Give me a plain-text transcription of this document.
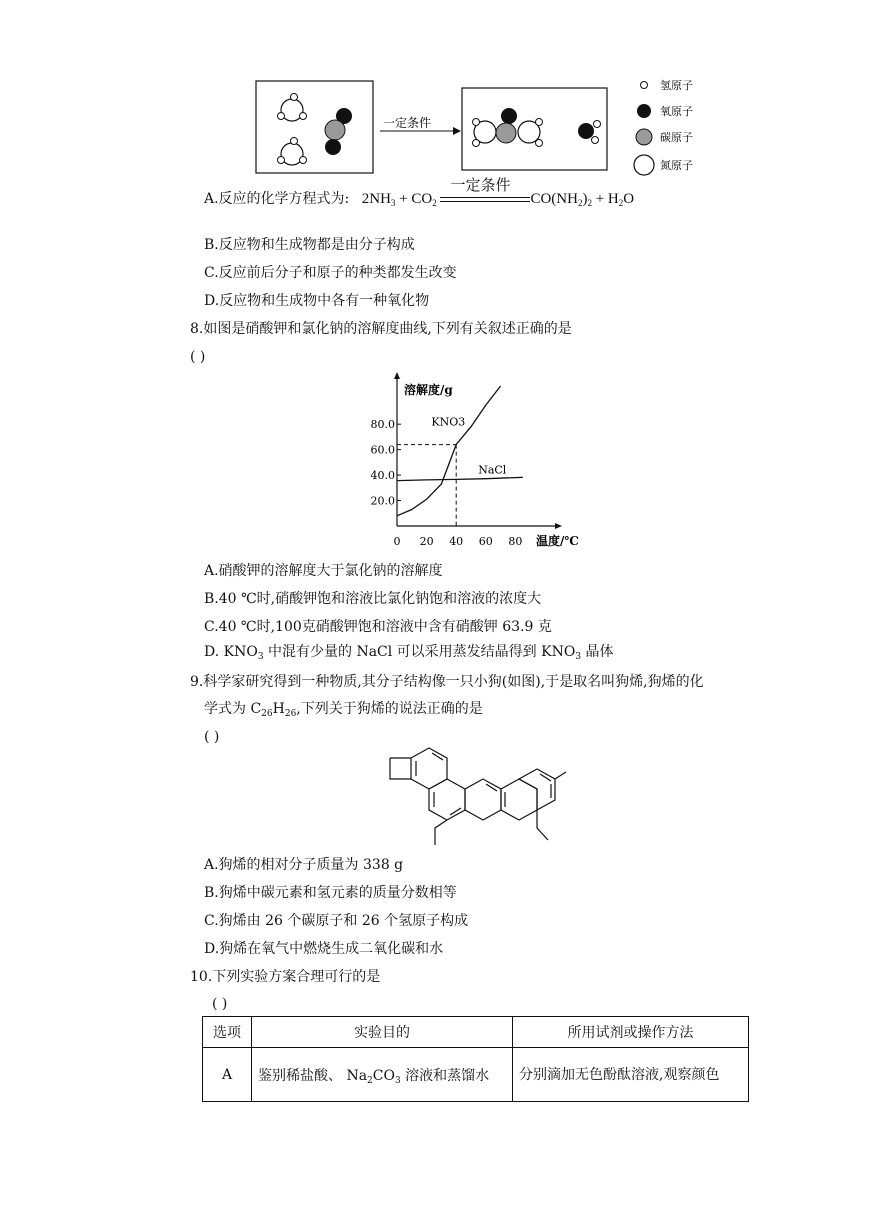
一定条件
氢原子
氧原子
碳原子
氮原子
A.反应的化学方程式为: $2NH_3 + CO_2$
一定条件
$CO(NH_2)_2 + H_2O$
B.反应物和生成物都是由分子构成
C.反应前后分子和原子的种类都发生改变
D.反应物和生成物中各有一种氧化物
8.如图是硝酸钾和氯化钠的溶解度曲线,下列有关叙述正确的是
( )
0 20 40 60 80
20.0
40.0
60.0
80.0	KNO3
NaCl
溶解度/g
温度/℃
A.硝酸钾的溶解度大于氯化钠的溶解度
B.40 ℃时,硝酸钾饱和溶液比氯化钠饱和溶液的浓度大
C.40 ℃时,100克硝酸钾饱和溶液中含有硝酸钾 63.9 克
D. $KNO_3$ 中混有少量的 NaCl 可以采用蒸发结晶得到 $KNO_3$ 晶体
9.科学家研究得到一种物质,其分子结构像一只小狗(如图),于是取名叫狗烯,狗烯的化
学式为 $C_{26}H_{26}$,下列关于狗烯的说法正确的是
( )
A.狗烯的相对分子质量为 338 g
B.狗烯中碳元素和氢元素的质量分数相等
C.狗烯由 26 个碳原子和 26 个氢原子构成
D.狗烯在氧气中燃烧生成二氧化碳和水
10.下列实验方案合理可行的是
( )
选项	实验目的	所用试剂或操作方法
A	鉴别稀盐酸、 $Na_2CO_3$ 溶液和蒸馏水	分别滴加无色酚酞溶液,观察颜色
